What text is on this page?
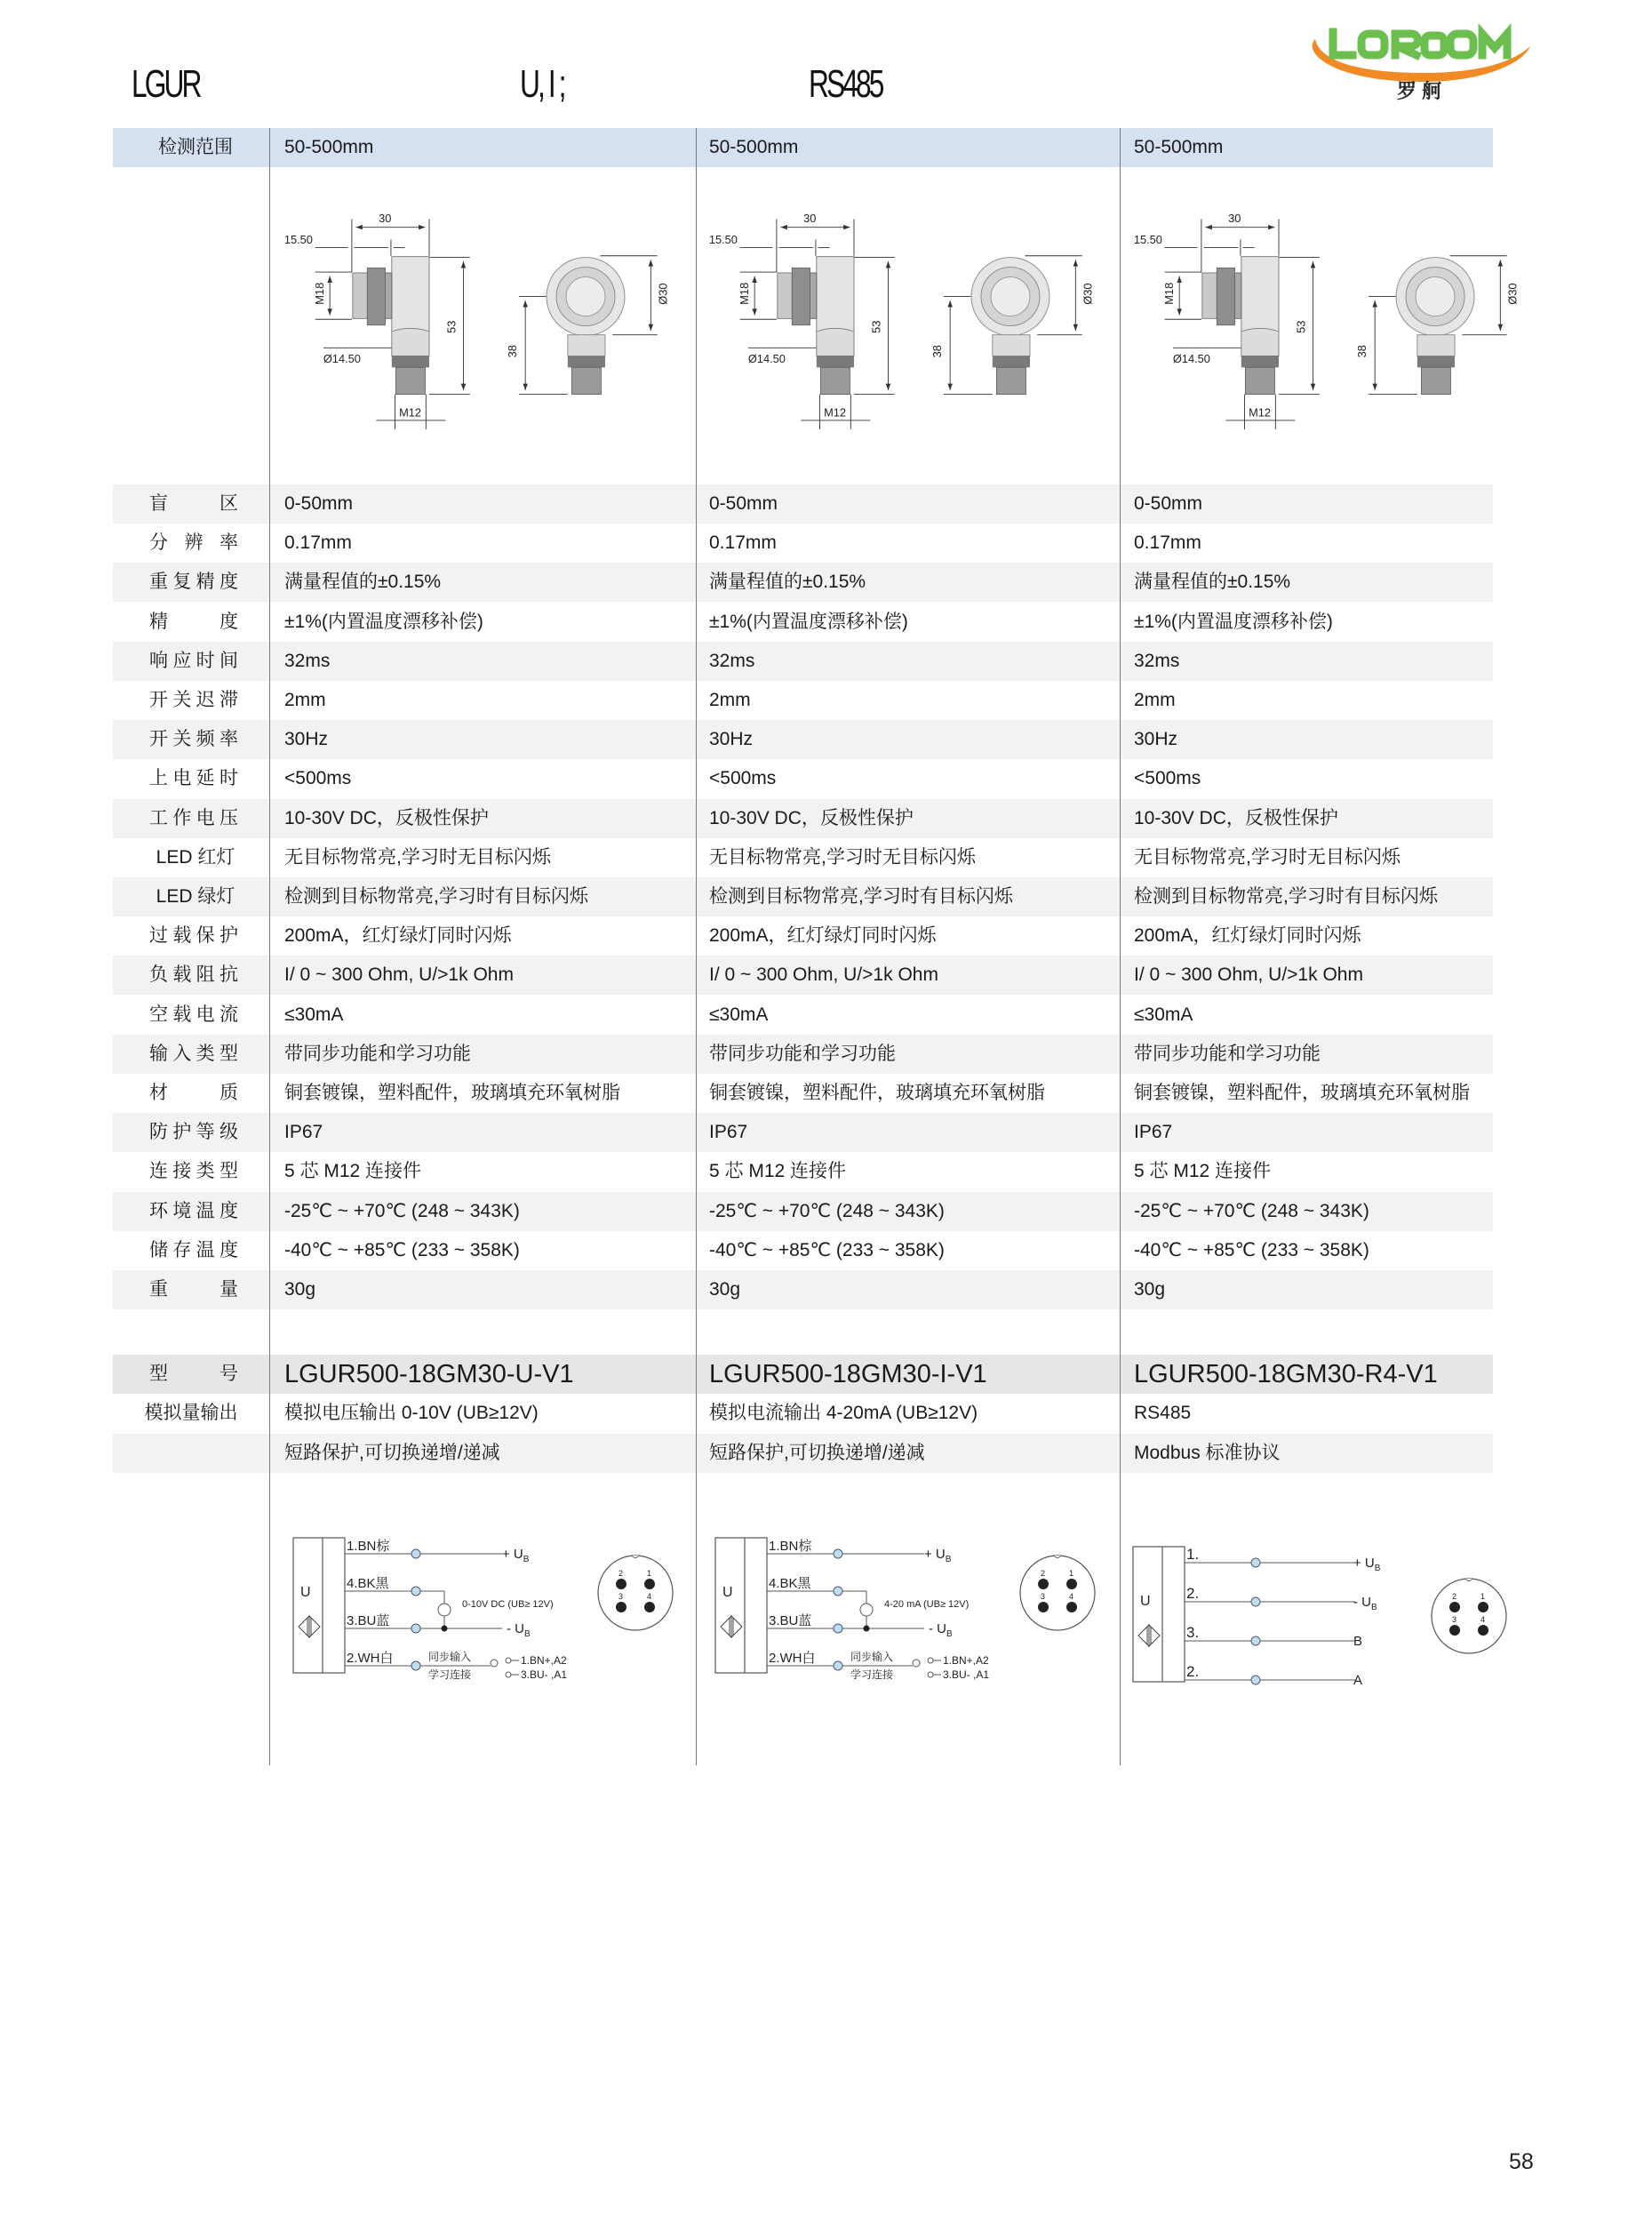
LGUR	U, I ;	RS485	罗 舸
检测范围	50-500mm	50-500mm	50-500mm
30
15.50
M18
Ø14.50
53
M12
38
Ø30
30
15.50
M18
Ø14.50
53
M12
38
Ø30
30
15.50
M18
Ø14.50
53
M12
38
Ø30
盲　　区 0-50mm	0-50mm	0-50mm
分 辨 率 0.17mm	0.17mm	0.17mm
重复精度 满量程值的±0.15%	满量程值的±0.15%	满量程值的±0.15%
精　　度 ±1%(内置温度漂移补偿)	±1%(内置温度漂移补偿)	±1%(内置温度漂移补偿)
响应时间 32ms	32ms	32ms
开关迟滞 2mm	2mm	2mm
开关频率 30Hz	30Hz	30Hz
上电延时 <500ms	<500ms	<500ms
工作电压 10-30V DC，反极性保护	10-30V DC，反极性保护	10-30V DC，反极性保护
LED 红灯	无目标物常亮,学习时无目标闪烁	无目标物常亮,学习时无目标闪烁	无目标物常亮,学习时无目标闪烁
LED 绿灯	检测到目标物常亮,学习时有目标闪烁	检测到目标物常亮,学习时有目标闪烁	检测到目标物常亮,学习时有目标闪烁
过载保护 200mA，红灯绿灯同时闪烁	200mA，红灯绿灯同时闪烁	200mA，红灯绿灯同时闪烁
负载阻抗 I/ 0 ~ 300 Ohm, U/>1k Ohm	I/ 0 ~ 300 Ohm, U/>1k Ohm	I/ 0 ~ 300 Ohm, U/>1k Ohm
空载电流 ≤30mA	≤30mA	≤30mA
输入类型 带同步功能和学习功能	带同步功能和学习功能	带同步功能和学习功能
材　　质 铜套镀镍，塑料配件，玻璃填充环氧树脂	铜套镀镍，塑料配件，玻璃填充环氧树脂	铜套镀镍，塑料配件，玻璃填充环氧树脂
防护等级 IP67	IP67	IP67
连接类型 5 芯 M12 连接件	5 芯 M12 连接件	5 芯 M12 连接件
环境温度 -25℃ ~ +70℃ (248 ~ 343K)	-25℃ ~ +70℃ (248 ~ 343K)	-25℃ ~ +70℃ (248 ~ 343K)
储存温度 -40℃ ~ +85℃ (233 ~ 358K)	-40℃ ~ +85℃ (233 ~ 358K)	-40℃ ~ +85℃ (233 ~ 358K)
重　　量 30g	30g	30g
型　　号 LGUR500-18GM30-U-V1	LGUR500-18GM30-I-V1	LGUR500-18GM30-R4-V1
模拟量输出	模拟电压输出 0-10V (UB≥12V)	模拟电流输出 4-20mA (UB≥12V)	RS485
短路保护,可切换递增/递减	短路保护,可切换递增/递减	Modbus 标准协议
U
1.BN棕
4.BK黑
3.BU蓝
2.WH白
+ $U_B$
0-10V DC (UB≥ 12V)
- $U_B$
同步输入
学习连接
1.BN+,A2
3.BU- ,A1
2	1
3	4	U
1.BN棕
4.BK黑
3.BU蓝
2.WH白
+ $U_B$
4-20 mA (UB≥ 12V)
- $U_B$
同步输入
学习连接
1.BN+,A2
3.BU- ,A1
2	1
3	4	U
1.
+ $U_B$
2.
- $U_B$
3.
B
2.
A
2	1
3	4
58
